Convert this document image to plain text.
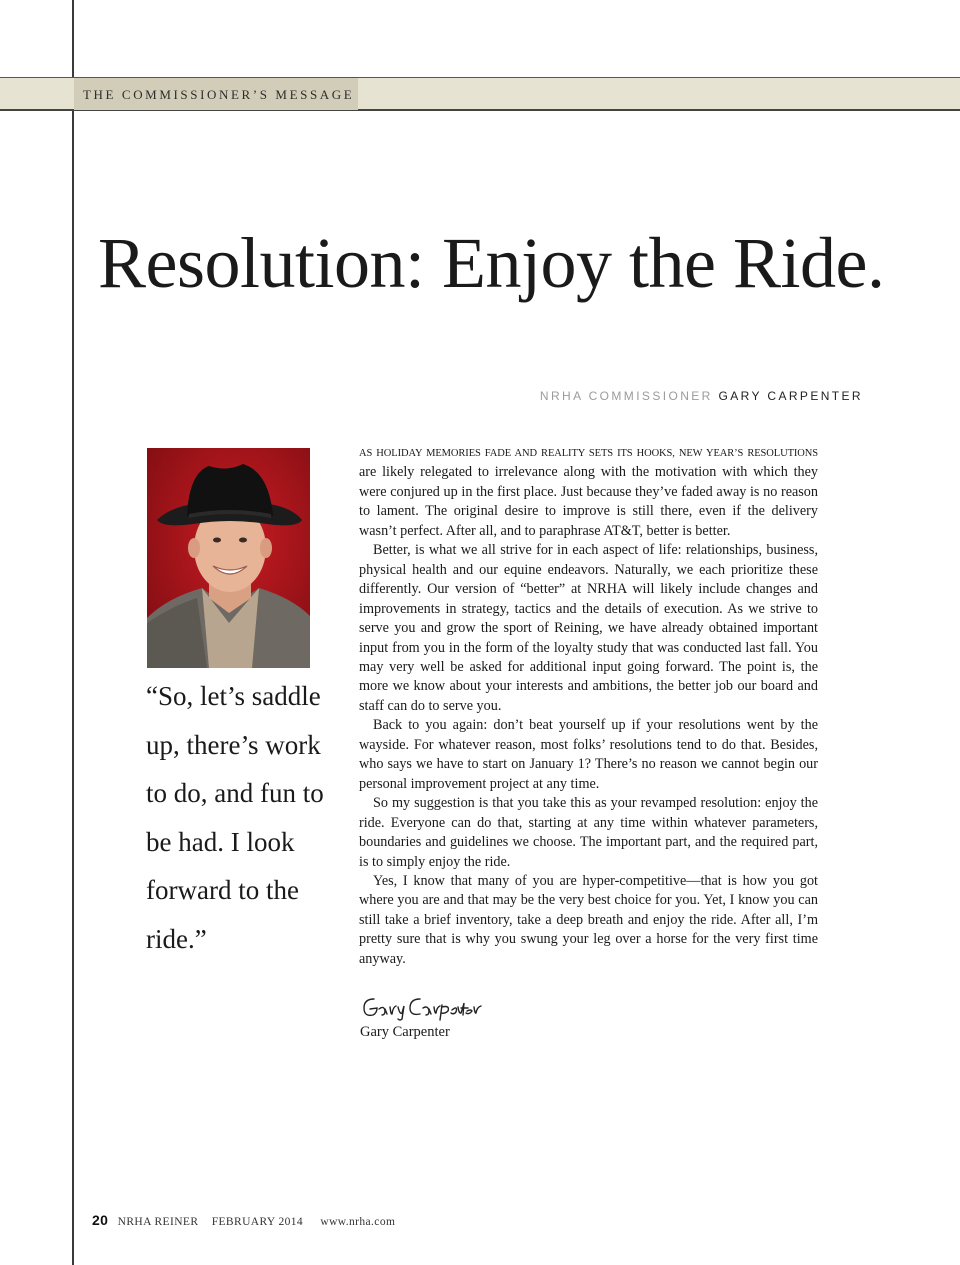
THE COMMISSIONER’S MESSAGE
Resolution: Enjoy the Ride.
NRHA COMMISSIONER GARY CARPENTER

“So, let’s saddle up, there’s work to do, and fun to be had. I look forward to the ride.”

AS HOLIDAY MEMORIES FADE AND REALITY SETS ITS HOOKS, NEW YEAR’S RESOLUTIONS are likely relegated to irrelevance along with the motivation with which they were conjured up in the first place. Just because they’ve faded away is no reason to lament. The original desire to improve is still there, even if the delivery wasn’t perfect. After all, and to paraphrase AT&T, better is better.

Better, is what we all strive for in each aspect of life: relationships, business, physical health and our equine endeavors. Naturally, we each prioritize these differently. Our version of “better” at NRHA will likely include changes and improvements in strategy, tactics and the details of execution. As we strive to serve you and grow the sport of Reining, we have already obtained important input from you in the form of the loyalty study that was conducted last fall. You may very well be asked for additional input going forward. The point is, the more we know about your interests and ambitions, the better job our board and staff can do to serve you.

Back to you again: don’t beat yourself up if your resolutions went by the wayside. For whatever reason, most folks’ resolutions tend to do that. Besides, who says we have to start on January 1? There’s no reason we cannot begin our personal improvement project at any time.

So my suggestion is that you take this as your revamped resolution: enjoy the ride. Everyone can do that, starting at any time within whatever parameters, boundaries and guidelines we choose. The important part, and the required part, is to simply enjoy the ride.

Yes, I know that many of you are hyper-competitive—that is how you got where you are and that may be the very best choice for you. Yet, I know you can still take a brief inventory, take a deep breath and enjoy the ride. After all, I’m pretty sure that is why you swung your leg over a horse for the very first time anyway.

Gary Carpenter
20 NRHA REINER FEBRUARY 2014 www.nrha.com
